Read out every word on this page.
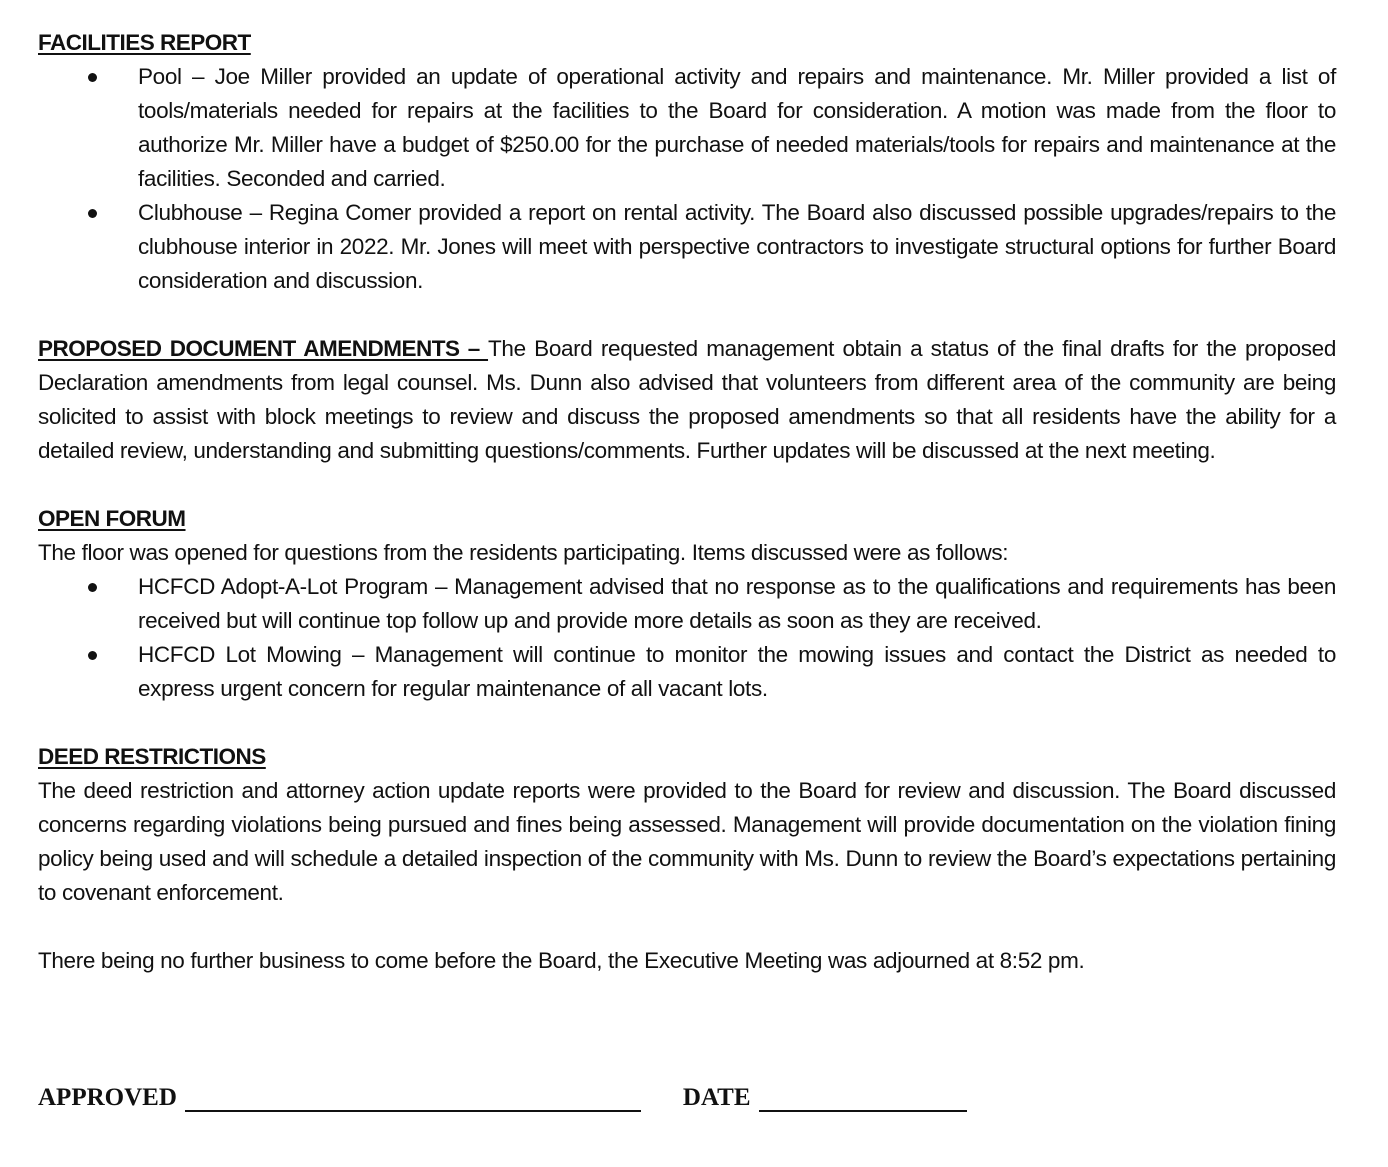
FACILITIES REPORT
Pool – Joe Miller provided an update of operational activity and repairs and maintenance. Mr. Miller provided a list of tools/materials needed for repairs at the facilities to the Board for consideration. A motion was made from the floor to authorize Mr. Miller have a budget of $250.00 for the purchase of needed materials/tools for repairs and maintenance at the facilities. Seconded and carried.
Clubhouse – Regina Comer provided a report on rental activity. The Board also discussed possible upgrades/repairs to the clubhouse interior in 2022. Mr. Jones will meet with perspective contractors to investigate structural options for further Board consideration and discussion.

PROPOSED DOCUMENT AMENDMENTS – The Board requested management obtain a status of the final drafts for the proposed Declaration amendments from legal counsel. Ms. Dunn also advised that volunteers from different area of the community are being solicited to assist with block meetings to review and discuss the proposed amendments so that all residents have the ability for a detailed review, understanding and submitting questions/comments. Further updates will be discussed at the next meeting.

OPEN FORUM

The floor was opened for questions from the residents participating. Items discussed were as follows:

HCFCD Adopt-A-Lot Program – Management advised that no response as to the qualifications and requirements has been received but will continue top follow up and provide more details as soon as they are received.
HCFCD Lot Mowing – Management will continue to monitor the mowing issues and contact the District as needed to express urgent concern for regular maintenance of all vacant lots.
DEED RESTRICTIONS

The deed restriction and attorney action update reports were provided to the Board for review and discussion. The Board discussed concerns regarding violations being pursued and fines being assessed. Management will provide documentation on the violation fining policy being used and will schedule a detailed inspection of the community with Ms. Dunn to review the Board’s expectations pertaining to covenant enforcement.

There being no further business to come before the Board, the Executive Meeting was adjourned at 8:52 pm.

APPROVED	DATE
